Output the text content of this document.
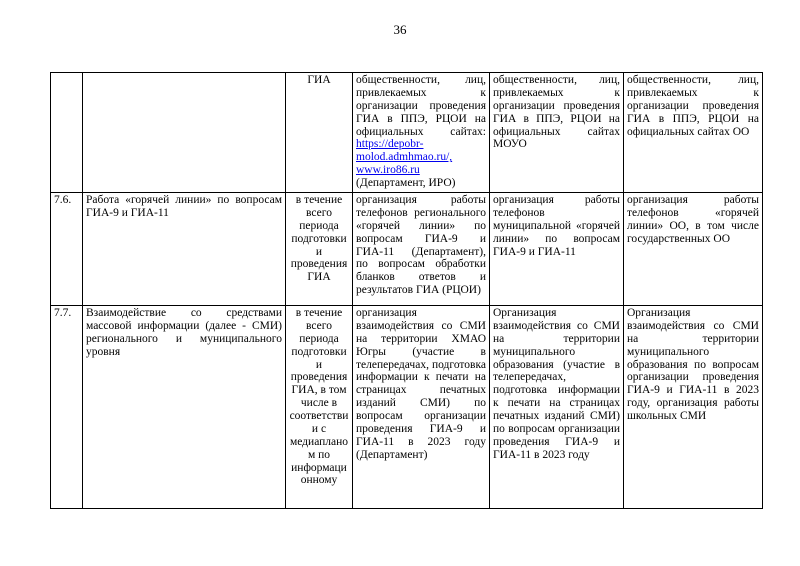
36
		ГИА	общественности, лиц, привлекаемых к организации проведения ГИА в ППЭ, РЦОИ на официальных сайтах: https://depobr-molod.admhmao.ru/, www.iro86.ru (Департамент, ИРО)	общественности, лиц, привлекаемых к организации проведения ГИА в ППЭ, РЦОИ на официальных сайтах МОУО	общественности, лиц, привлекаемых к организации проведения ГИА в ППЭ, РЦОИ на официальных сайтах ОО
7.6.	Работа «горячей линии» по вопросам ГИА-9 и ГИА-11	в течение всего периода подготовки и проведения ГИА	организация работы телефонов регионального «горячей линии» по вопросам ГИА-9 и ГИА-11 (Департамент), по вопросам обработки бланков ответов и результатов ГИА (РЦОИ)	организация работы телефонов муниципальной «горячей линии» по вопросам ГИА-9 и ГИА-11	организация работы телефонов «горячей линии» ОО, в том числе государственных ОО
7.7.	Взаимодействие со средствами массовой информации (далее - СМИ) регионального и муниципального уровня	в течение всего периода подготовки и проведения ГИА, в том числе в соответствии с медиапланом по информационному	организация взаимодействия со СМИ на территории ХМАО Югры (участие в телепередачах, подготовка информации к печати на страницах печатных изданий СМИ) по вопросам организации проведения ГИА-9 и ГИА-11 в 2023 году (Департамент)	Организация взаимодействия со СМИ на территории муниципального образования (участие в телепередачах, подготовка информации к печати на страницах печатных изданий СМИ) по вопросам организации проведения ГИА-9 и ГИА-11 в 2023 году	Организация взаимодействия со СМИ на территории муниципального образования по вопросам организации проведения ГИА-9 и ГИА-11 в 2023 году, организация работы школьных СМИ
